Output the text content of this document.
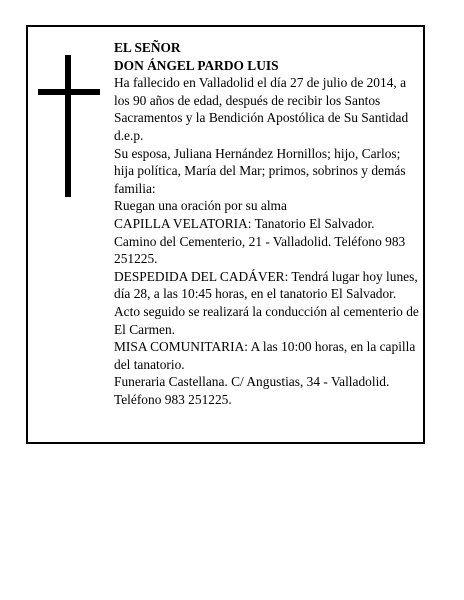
EL SEÑOR

DON ÁNGEL PARDO LUIS

Ha fallecido en Valladolid el día 27 de julio de 2014, a los 90 años de edad, después de recibir los Santos Sacramentos y la Bendición Apostólica de Su Santidad d.e.p.

Su esposa, Juliana Hernández Hornillos; hijo, Carlos; hija política, María del Mar; primos, sobrinos y demás familia:

Ruegan una oración por su alma

CAPILLA VELATORIA: Tanatorio El Salvador. Camino del Cementerio, 21 - Valladolid. Teléfono 983 251225.

DESPEDIDA DEL CADÁVER: Tendrá lugar hoy lunes, día 28, a las 10:45 horas, en el tanatorio El Salvador. Acto seguido se realizará la conducción al cementerio de El Carmen.

MISA COMUNITARIA: A las 10:00 horas, en la capilla del tanatorio.

Funeraria Castellana. C/ Angustias, 34 - Valladolid. Teléfono 983 251225.
